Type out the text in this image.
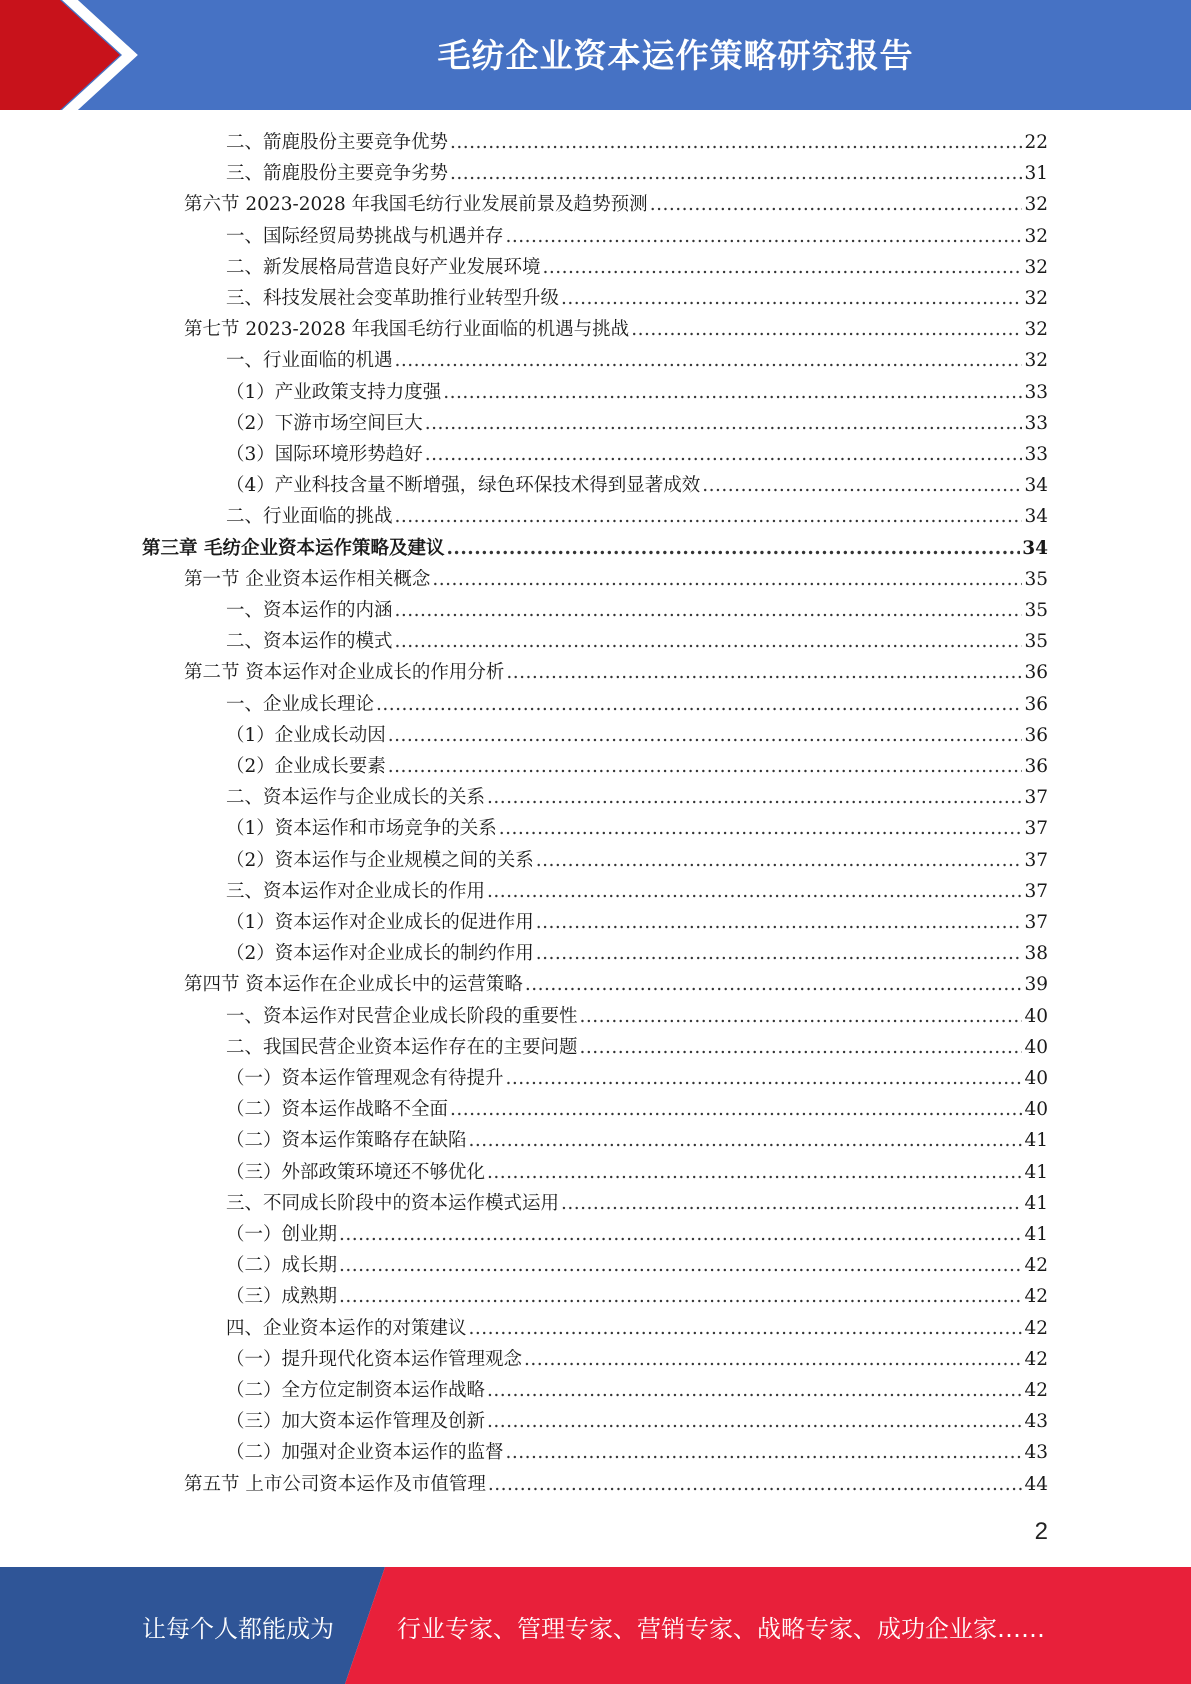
毛纺企业资本运作策略研究报告
二、箭鹿股份主要竞争优势 .....	22
三、箭鹿股份主要竞争劣势 .....	31
第六节 2023-2028 年我国毛纺行业发展前景及趋势预测 .....	32
一、国际经贸局势挑战与机遇并存 .....	32
二、新发展格局营造良好产业发展环境 .....	32
三、科技发展社会变革助推行业转型升级 .....	32
第七节 2023-2028 年我国毛纺行业面临的机遇与挑战 .....	32
一、行业面临的机遇 .....	32
（1）产业政策支持力度强 .....	33
（2）下游市场空间巨大 .....	33
（3）国际环境形势趋好 .....	33
（4）产业科技含量不断增强，绿色环保技术得到显著成效 .....	34
二、行业面临的挑战 .....	34
第三章 毛纺企业资本运作策略及建议 .....	34
第一节 企业资本运作相关概念 .....	35
一、资本运作的内涵 .....	35
二、资本运作的模式 .....	35
第二节 资本运作对企业成长的作用分析 .....	36
一、企业成长理论 .....	36
（1）企业成长动因 .....	36
（2）企业成长要素 .....	36
二、资本运作与企业成长的关系 .....	37
（1）资本运作和市场竞争的关系 .....	37
（2）资本运作与企业规模之间的关系 .....	37
三、资本运作对企业成长的作用 .....	37
（1）资本运作对企业成长的促进作用 .....	37
（2）资本运作对企业成长的制约作用 .....	38
第四节 资本运作在企业成长中的运营策略 .....	39
一、资本运作对民营企业成长阶段的重要性 .....	40
二、我国民营企业资本运作存在的主要问题 .....	40
（一）资本运作管理观念有待提升 .....	40
（二）资本运作战略不全面 .....	40
（二）资本运作策略存在缺陷 .....	41
（三）外部政策环境还不够优化 .....	41
三、不同成长阶段中的资本运作模式运用 .....	41
（一）创业期 .....	41
（二）成长期 .....	42
（三）成熟期 .....	42
四、企业资本运作的对策建议 .....	42
（一）提升现代化资本运作管理观念 .....	42
（二）全方位定制资本运作战略 .....	42
（三）加大资本运作管理及创新 .....	43
（二）加强对企业资本运作的监督 .....	43
第五节 上市公司资本运作及市值管理 .....	44
2
让每个人都能成为	行业专家、管理专家、营销专家、战略专家、成功企业家……
